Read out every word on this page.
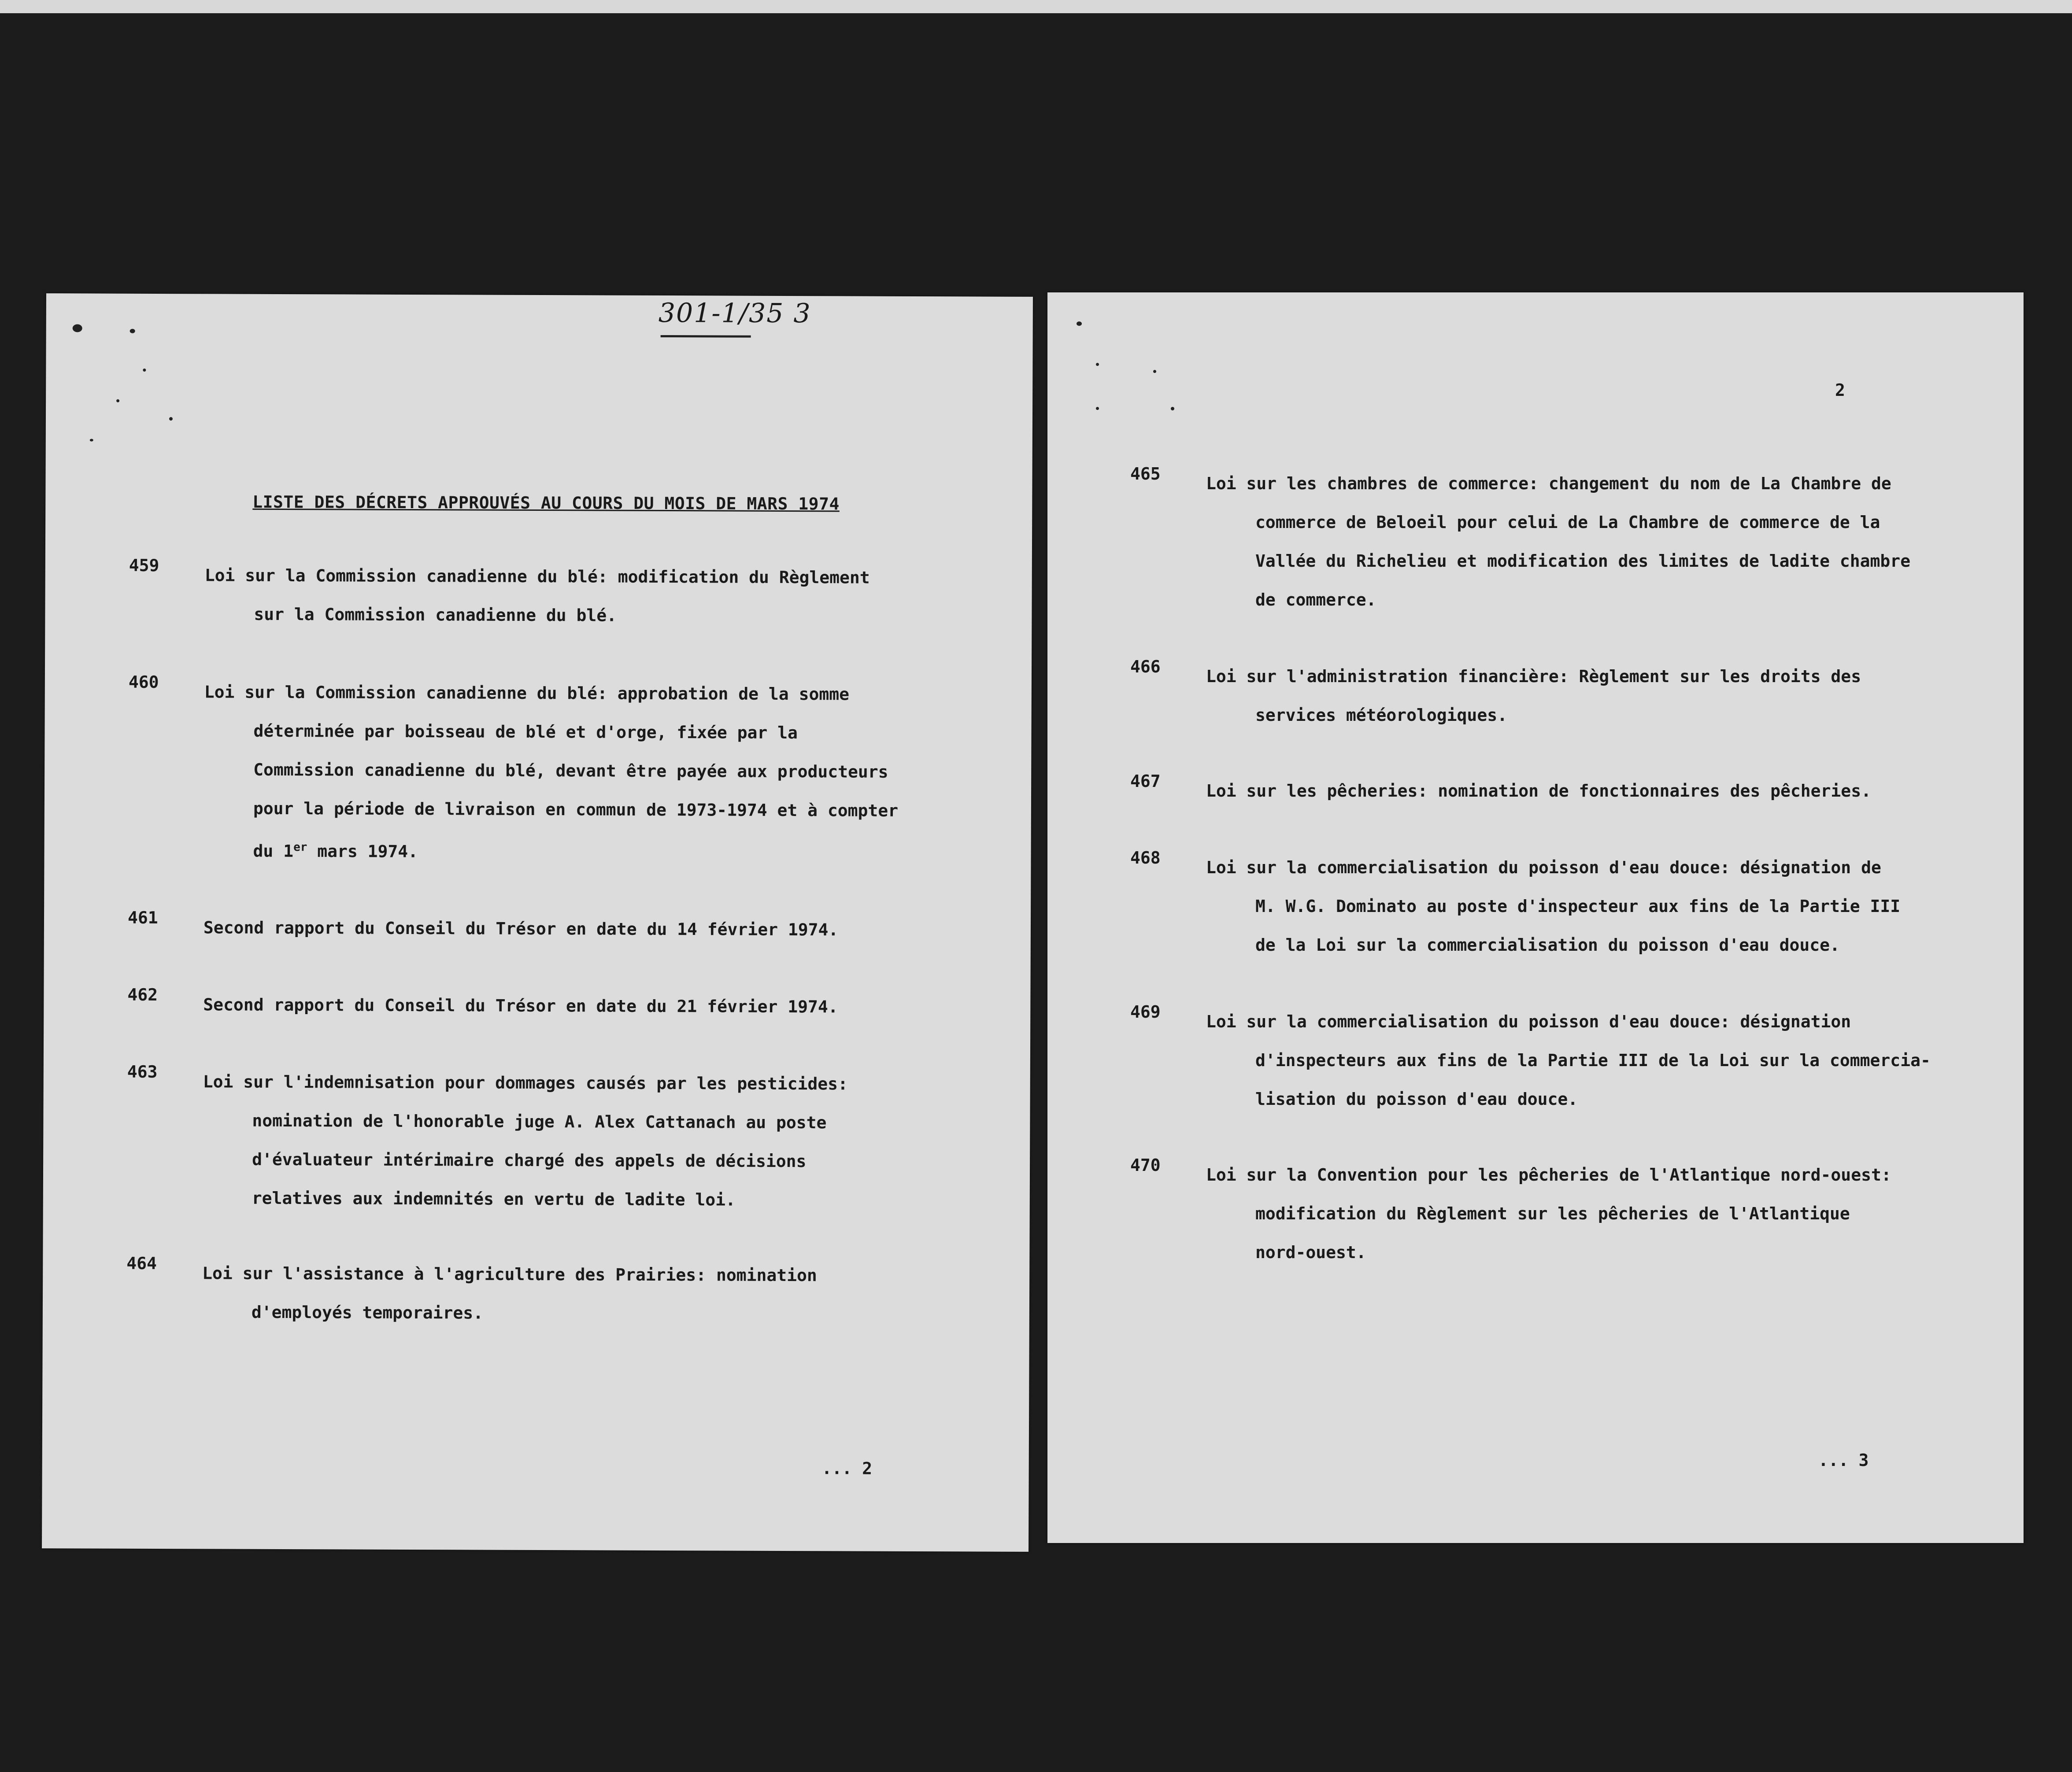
301-1/35 3
LISTE DES DÉCRETS APPROUVÉS AU COURS DU MOIS DE MARS 1974
459
Loi sur la Commission canadienne du blé: modification du Règlement
sur la Commission canadienne du blé.
460
Loi sur la Commission canadienne du blé: approbation de la somme
déterminée par boisseau de blé et d'orge, fixée par la
Commission canadienne du blé, devant être payée aux producteurs
pour la période de livraison en commun de 1973-1974 et à compter
du 1er mars 1974.
461
Second rapport du Conseil du Trésor en date du 14 février 1974.
462
Second rapport du Conseil du Trésor en date du 21 février 1974.
463
Loi sur l'indemnisation pour dommages causés par les pesticides:
nomination de l'honorable juge A. Alex Cattanach au poste
d'évaluateur intérimaire chargé des appels de décisions
relatives aux indemnités en vertu de ladite loi.
464
Loi sur l'assistance à l'agriculture des Prairies: nomination
d'employés temporaires.
... 2
2
465	Loi sur les chambres de commerce: changement du nom de La Chambre de
commerce de Beloeil pour celui de La Chambre de commerce de la
Vallée du Richelieu et modification des limites de ladite chambre
de commerce.
466	Loi sur l'administration financière: Règlement sur les droits des
services météorologiques.
467	Loi sur les pêcheries: nomination de fonctionnaires des pêcheries.
468	Loi sur la commercialisation du poisson d'eau douce: désignation de
M. W.G. Dominato au poste d'inspecteur aux fins de la Partie III
de la Loi sur la commercialisation du poisson d'eau douce.
469	Loi sur la commercialisation du poisson d'eau douce: désignation
d'inspecteurs aux fins de la Partie III de la Loi sur la commercia-
lisation du poisson d'eau douce.
470	Loi sur la Convention pour les pêcheries de l'Atlantique nord-ouest:
modification du Règlement sur les pêcheries de l'Atlantique
nord-ouest.
... 3
